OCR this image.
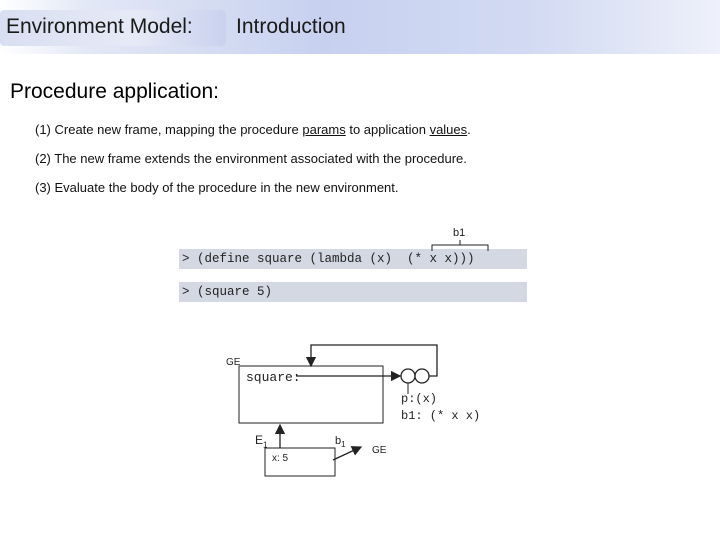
Environment Model: Introduction
Procedure application:
(1) Create new frame, mapping the procedure params to application values.
(2) The new frame extends the environment associated with the procedure.
(3) Evaluate the body of the procedure in the new environment.
> (define square (lambda (x)  (* x x)))
> (square 5)
b1
GE
square:
p:(x)
b1: (* x x)
$E_1$
x: 5
$b_1$
GE
